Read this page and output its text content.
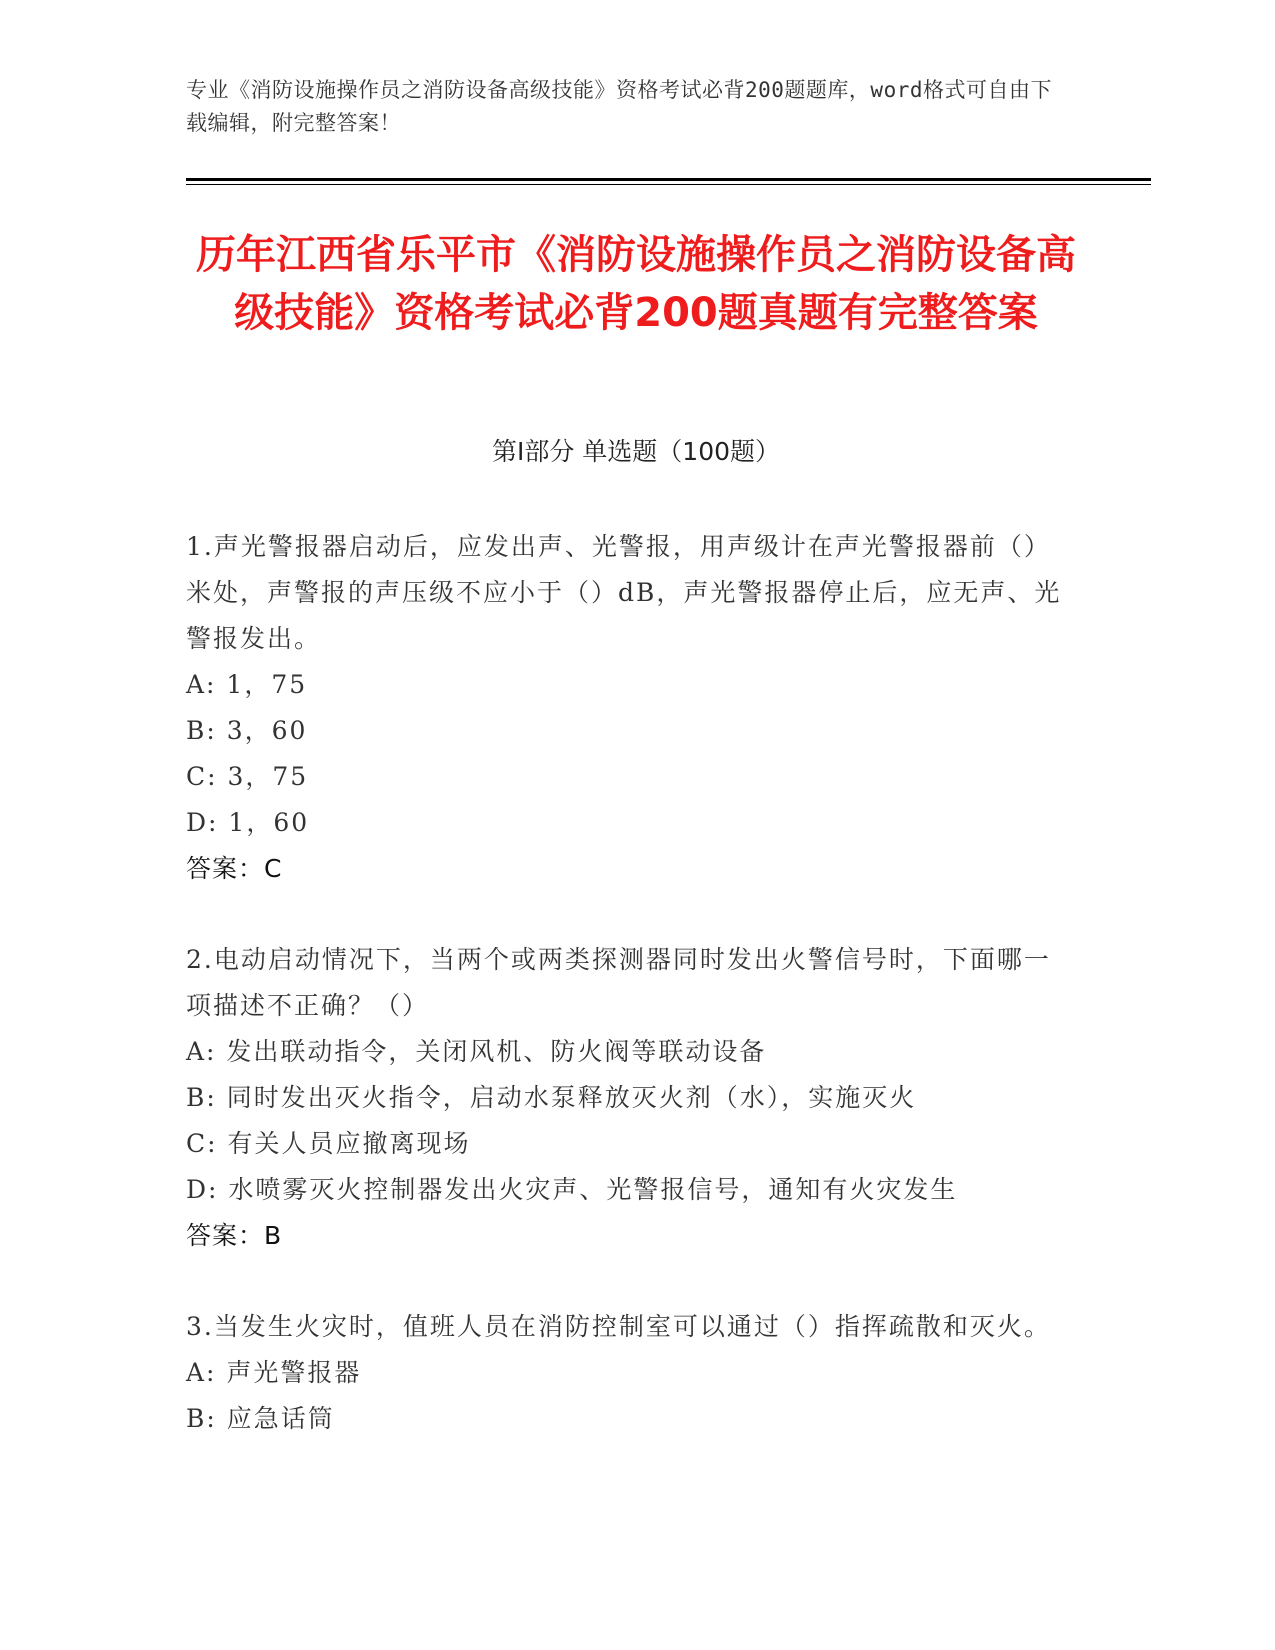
专业《消防设施操作员之消防设备高级技能》资格考试必背200题题库，word格式可自由下载编辑，附完整答案！
历年江西省乐平市《消防设施操作员之消防设备高级技能》资格考试必背200题真题有完整答案
第I部分 单选题（100题）
1.声光警报器启动后，应发出声、光警报，用声级计在声光警报器前（）米处，声警报的声压级不应小于（）dB，声光警报器停止后，应无声、光警报发出。
A: 1，75
B: 3，60
C: 3，75
D: 1，60
答案：C
2.电动启动情况下，当两个或两类探测器同时发出火警信号时，下面哪一项描述不正确？（）
A: 发出联动指令，关闭风机、防火阀等联动设备
B: 同时发出灭火指令，启动水泵释放灭火剂（水），实施灭火
C: 有关人员应撤离现场
D: 水喷雾灭火控制器发出火灾声、光警报信号，通知有火灾发生
答案：B
3.当发生火灾时，值班人员在消防控制室可以通过（）指挥疏散和灭火。
A: 声光警报器
B: 应急话筒
